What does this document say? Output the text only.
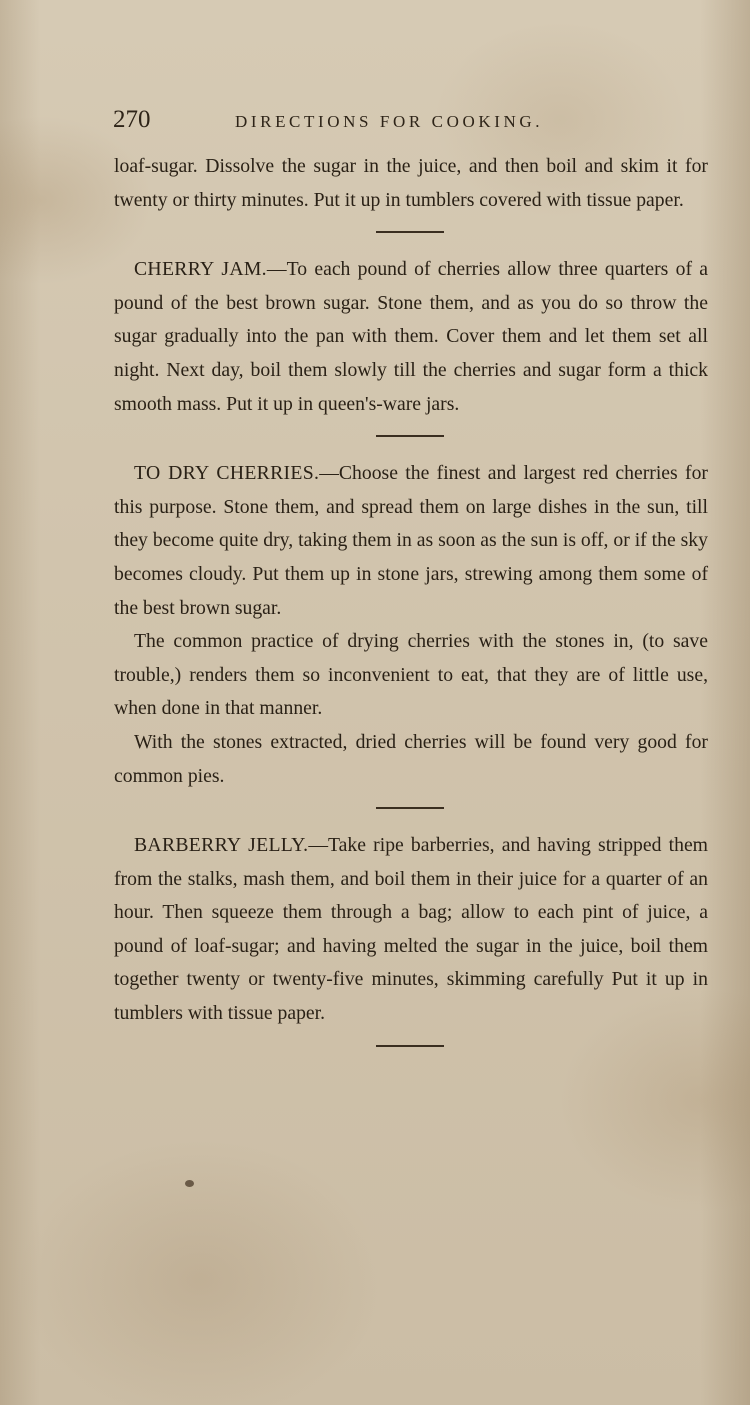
270	DIRECTIONS FOR COOKING.

loaf-sugar. Dissolve the sugar in the juice, and then boil and skim it for twenty or thirty minutes. Put it up in tumblers covered with tissue paper.

CHERRY JAM.—To each pound of cherries allow three quarters of a pound of the best brown sugar. Stone them, and as you do so throw the sugar gradually into the pan with them. Cover them and let them set all night. Next day, boil them slowly till the cherries and sugar form a thick smooth mass. Put it up in queen's-ware jars.

TO DRY CHERRIES.—Choose the finest and largest red cherries for this purpose. Stone them, and spread them on large dishes in the sun, till they become quite dry, taking them in as soon as the sun is off, or if the sky becomes cloudy. Put them up in stone jars, strewing among them some of the best brown sugar.

The common practice of drying cherries with the stones in, (to save trouble,) renders them so inconvenient to eat, that they are of little use, when done in that manner.

With the stones extracted, dried cherries will be found very good for common pies.

BARBERRY JELLY.—Take ripe barberries, and having stripped them from the stalks, mash them, and boil them in their juice for a quarter of an hour. Then squeeze them through a bag; allow to each pint of juice, a pound of loaf-sugar; and having melted the sugar in the juice, boil them together twenty or twenty-five minutes, skimming carefully Put it up in tumblers with tissue paper.
